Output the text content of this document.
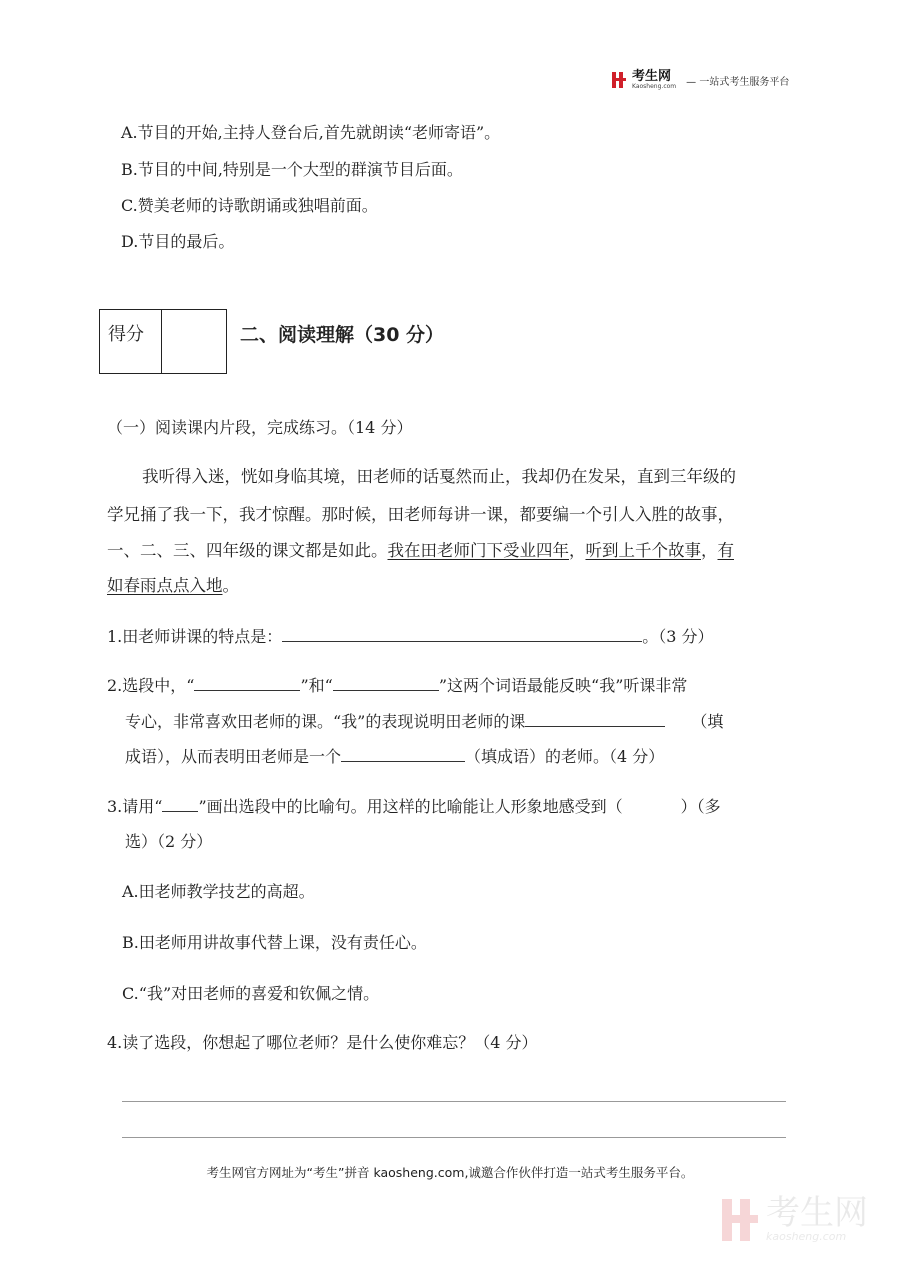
考生网
Kaosheng.com — 一站式考生服务平台
A.节目的开始,主持人登台后,首先就朗读“老师寄语”。
B.节目的中间,特别是一个大型的群演节目后面。
C.赞美老师的诗歌朗诵或独唱前面。
D.节目的最后。
得分	二、阅读理解（30 分）
（一）阅读课内片段，完成练习。（14 分）
我听得入迷，恍如身临其境，田老师的话戛然而止，我却仍在发呆，直到三年级的
学兄捅了我一下，我才惊醒。那时候，田老师每讲一课，都要编一个引人入胜的故事，
一、二、三、四年级的课文都是如此。我在田老师门下受业四年，听到上千个故事，有
如春雨点点入地。
1.田老师讲课的特点是：	。（3 分）
2.选段中，“	”和“	”这两个词语最能反映“我”听课非常
专心，非常喜欢田老师的课。“我”的表现说明田老师的课	（填
成语），从而表明田老师是一个	（填成语）的老师。（4 分）
3.请用“ ”画出选段中的比喻句。用这样的比喻能让人形象地感受到（	）（多
选）（2 分）
A.田老师教学技艺的高超。
B.田老师用讲故事代替上课，没有责任心。
C.“我”对田老师的喜爱和钦佩之情。
4.读了选段，你想起了哪位老师？是什么使你难忘？（4 分）
考生网官方网址为“考生”拼音 kaosheng.com,诚邀合作伙伴打造一站式考生服务平台。
考生网
kaosheng.com
